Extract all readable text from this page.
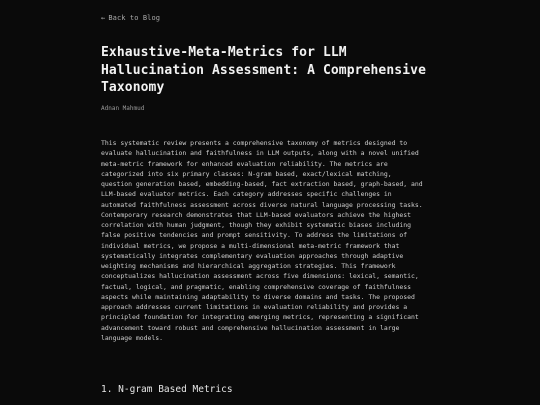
← Back to Blog
Exhaustive-Meta-Metrics for LLM Hallucination Assessment: A Comprehensive Taxonomy
Adnan Mahmud

This systematic review presents a comprehensive taxonomy of metrics designed to
evaluate hallucination and faithfulness in LLM outputs, along with a novel unified
meta-metric framework for enhanced evaluation reliability. The metrics are
categorized into six primary classes: N-gram based, exact/lexical matching,
question generation based, embedding-based, fact extraction based, graph-based, and
LLM-based evaluator metrics. Each category addresses specific challenges in
automated faithfulness assessment across diverse natural language processing tasks.
Contemporary research demonstrates that LLM-based evaluators achieve the highest
correlation with human judgment, though they exhibit systematic biases including
false positive tendencies and prompt sensitivity. To address the limitations of
individual metrics, we propose a multi-dimensional meta-metric framework that
systematically integrates complementary evaluation approaches through adaptive
weighting mechanisms and hierarchical aggregation strategies. This framework
conceptualizes hallucination assessment across five dimensions: lexical, semantic,
factual, logical, and pragmatic, enabling comprehensive coverage of faithfulness
aspects while maintaining adaptability to diverse domains and tasks. The proposed
approach addresses current limitations in evaluation reliability and provides a
principled foundation for integrating emerging metrics, representing a significant
advancement toward robust and comprehensive hallucination assessment in large
language models.

1. N-gram Based Metrics
